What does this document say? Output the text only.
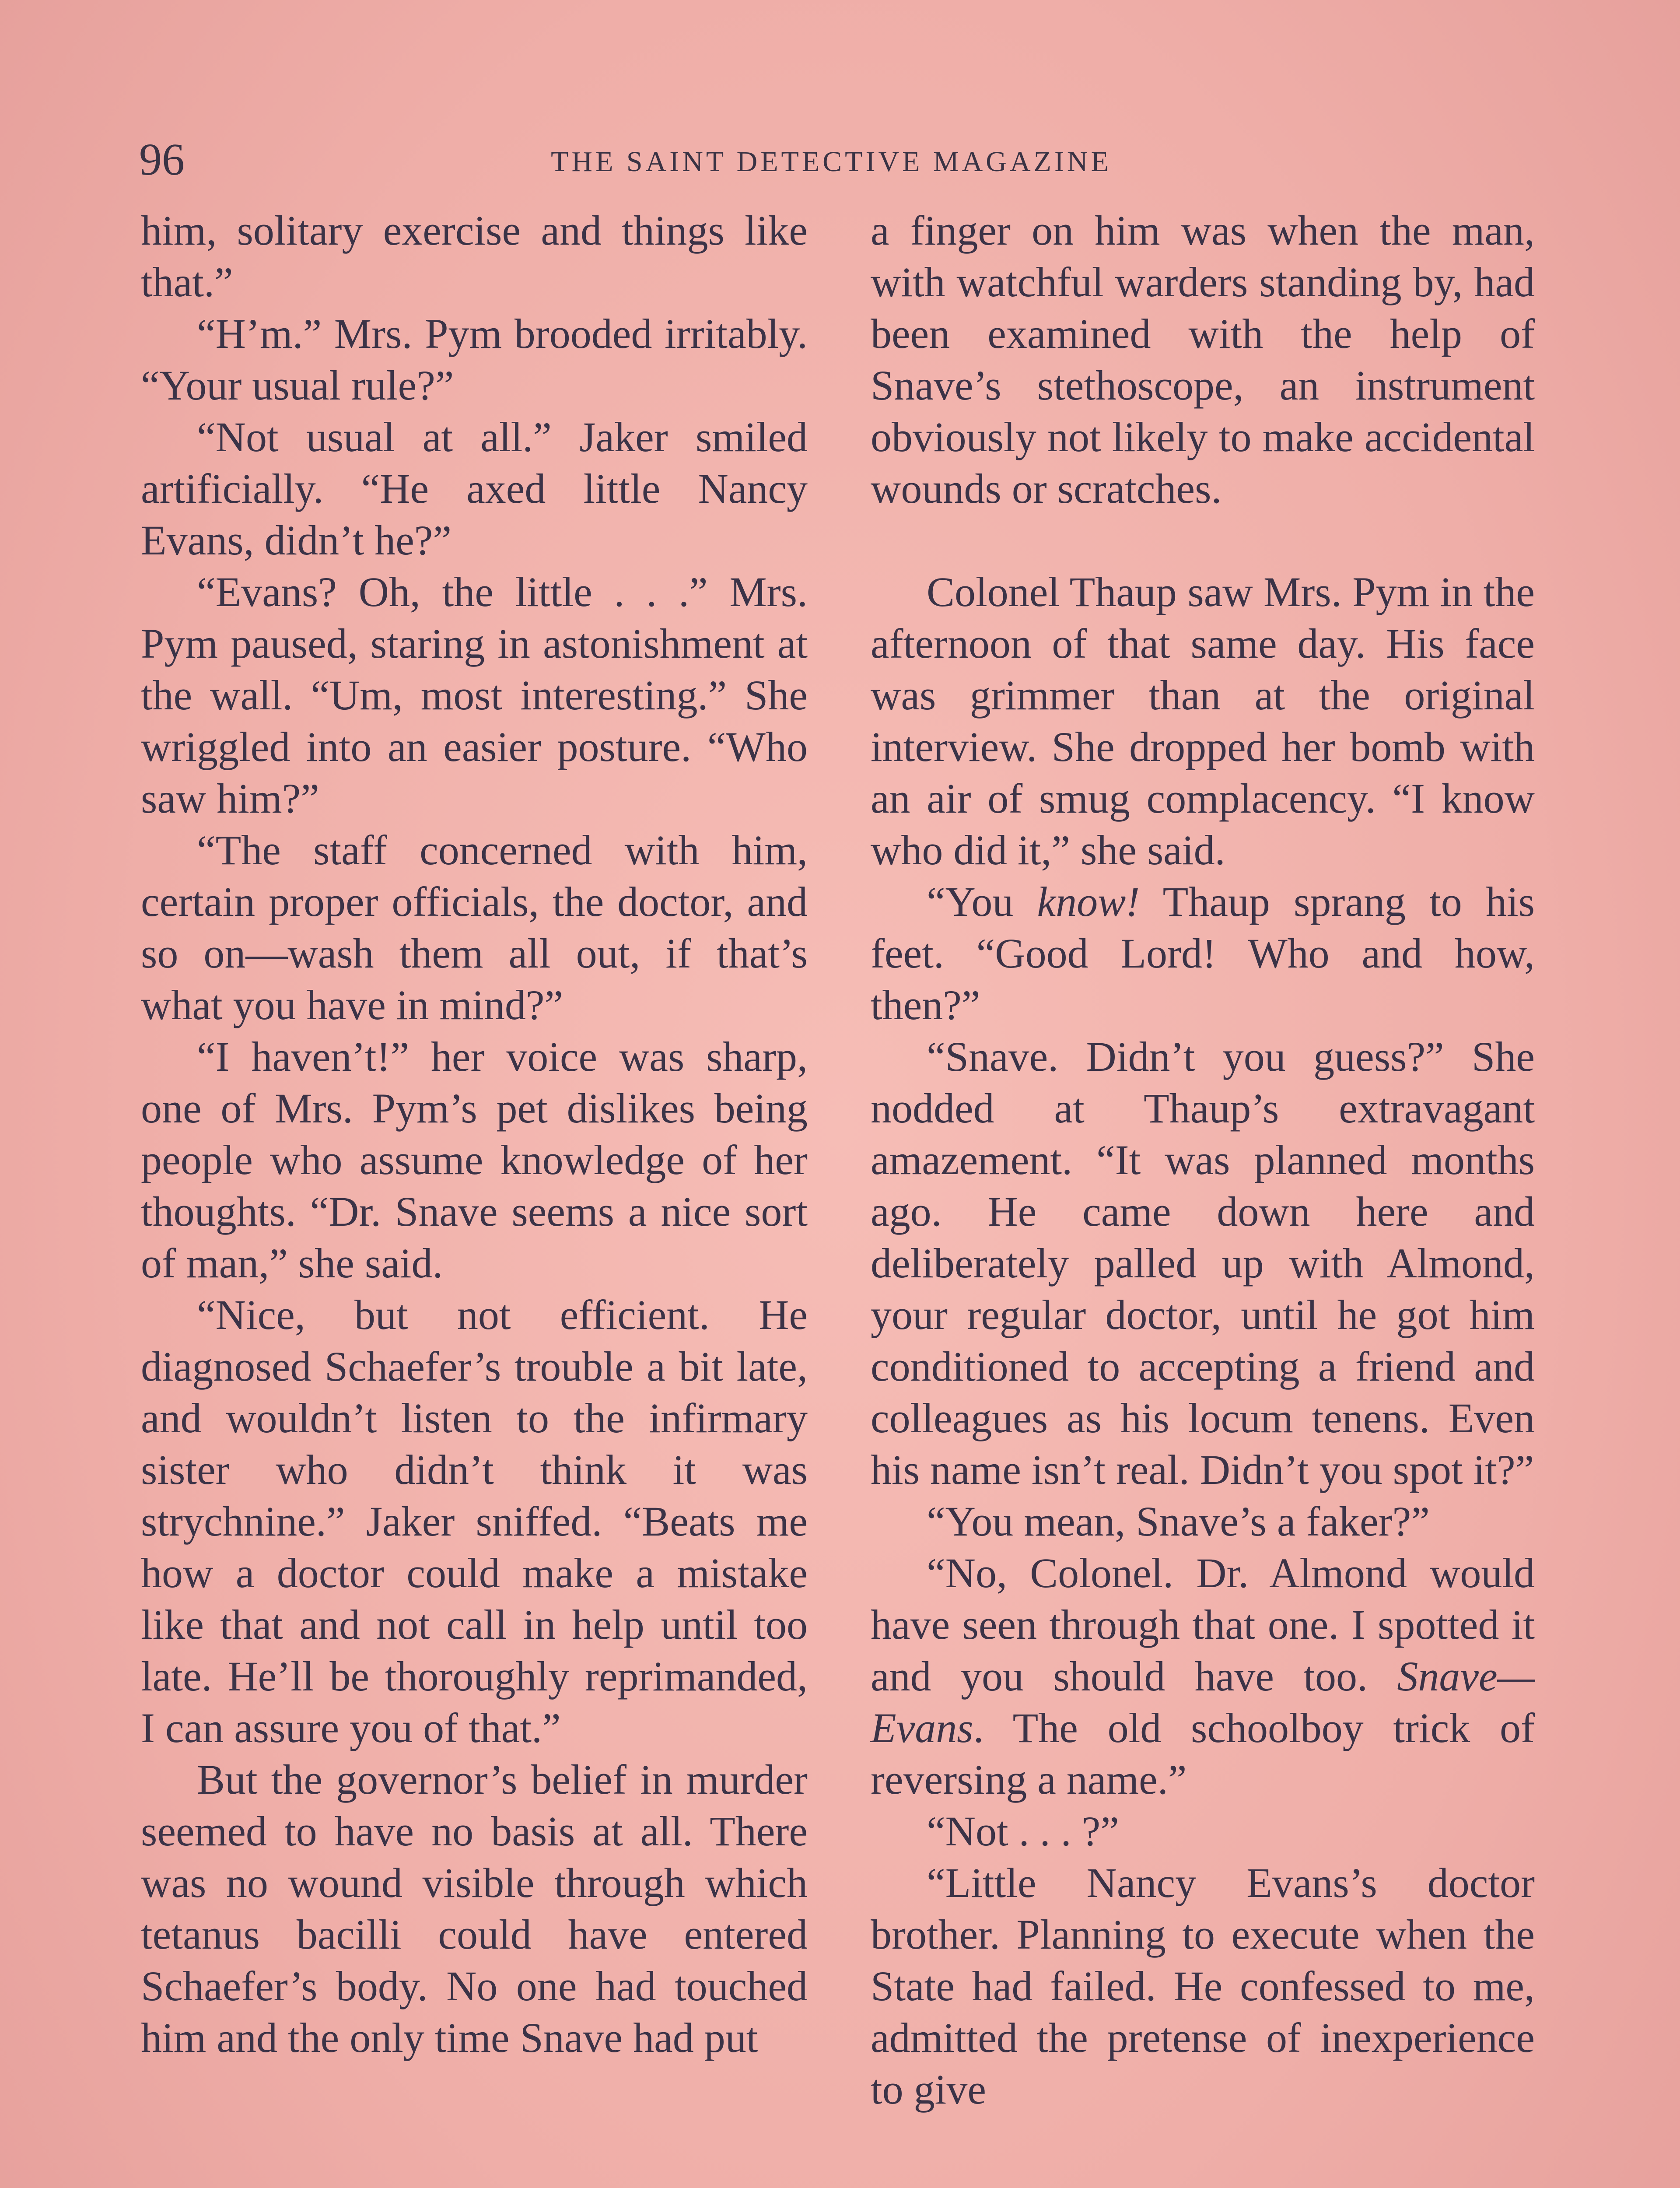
96	THE SAINT DETECTIVE MAGAZINE

him, solitary exercise and things like that.”

“H’m.” Mrs. Pym brooded irritably. “Your usual rule?”

“Not usual at all.” Jaker smiled artificially. “He axed little Nancy Evans, didn’t he?”

“Evans? Oh, the little . . .” Mrs. Pym paused, staring in astonishment at the wall. “Um, most interesting.” She wriggled into an easier posture. “Who saw him?”

“The staff concerned with him, certain proper officials, the doctor, and so on—wash them all out, if that’s what you have in mind?”

“I haven’t!” her voice was sharp, one of Mrs. Pym’s pet dislikes being people who assume knowledge of her thoughts. “Dr. Snave seems a nice sort of man,” she said.

“Nice, but not efficient. He diagnosed Schaefer’s trouble a bit late, and wouldn’t listen to the infirmary sister who didn’t think it was strychnine.” Jaker sniffed. “Beats me how a doctor could make a mistake like that and not call in help until too late. He’ll be thoroughly reprimanded, I can assure you of that.”

But the governor’s belief in murder seemed to have no basis at all. There was no wound visible through which tetanus bacilli could have entered Schaefer’s body. No one had touched him and the only time Snave had put

a finger on him was when the man, with watchful warders standing by, had been examined with the help of Snave’s stethoscope, an instrument obviously not likely to make accidental wounds or scratches.

Colonel Thaup saw Mrs. Pym in the afternoon of that same day. His face was grimmer than at the original interview. She dropped her bomb with an air of smug complacency. “I know who did it,” she said.

“You know! Thaup sprang to his feet. “Good Lord! Who and how, then?”

“Snave. Didn’t you guess?” She nodded at Thaup’s extravagant amazement. “It was planned months ago. He came down here and deliberately palled up with Almond, your regular doctor, until he got him conditioned to accepting a friend and colleagues as his locum tenens. Even his name isn’t real. Didn’t you spot it?”

“You mean, Snave’s a faker?”

“No, Colonel. Dr. Almond would have seen through that one. I spotted it and you should have too. Snave—Evans. The old schoolboy trick of reversing a name.”

“Not . . . ?”

“Little Nancy Evans’s doctor brother. Planning to execute when the State had failed. He confessed to me, admitted the pretense of inexperience to give
